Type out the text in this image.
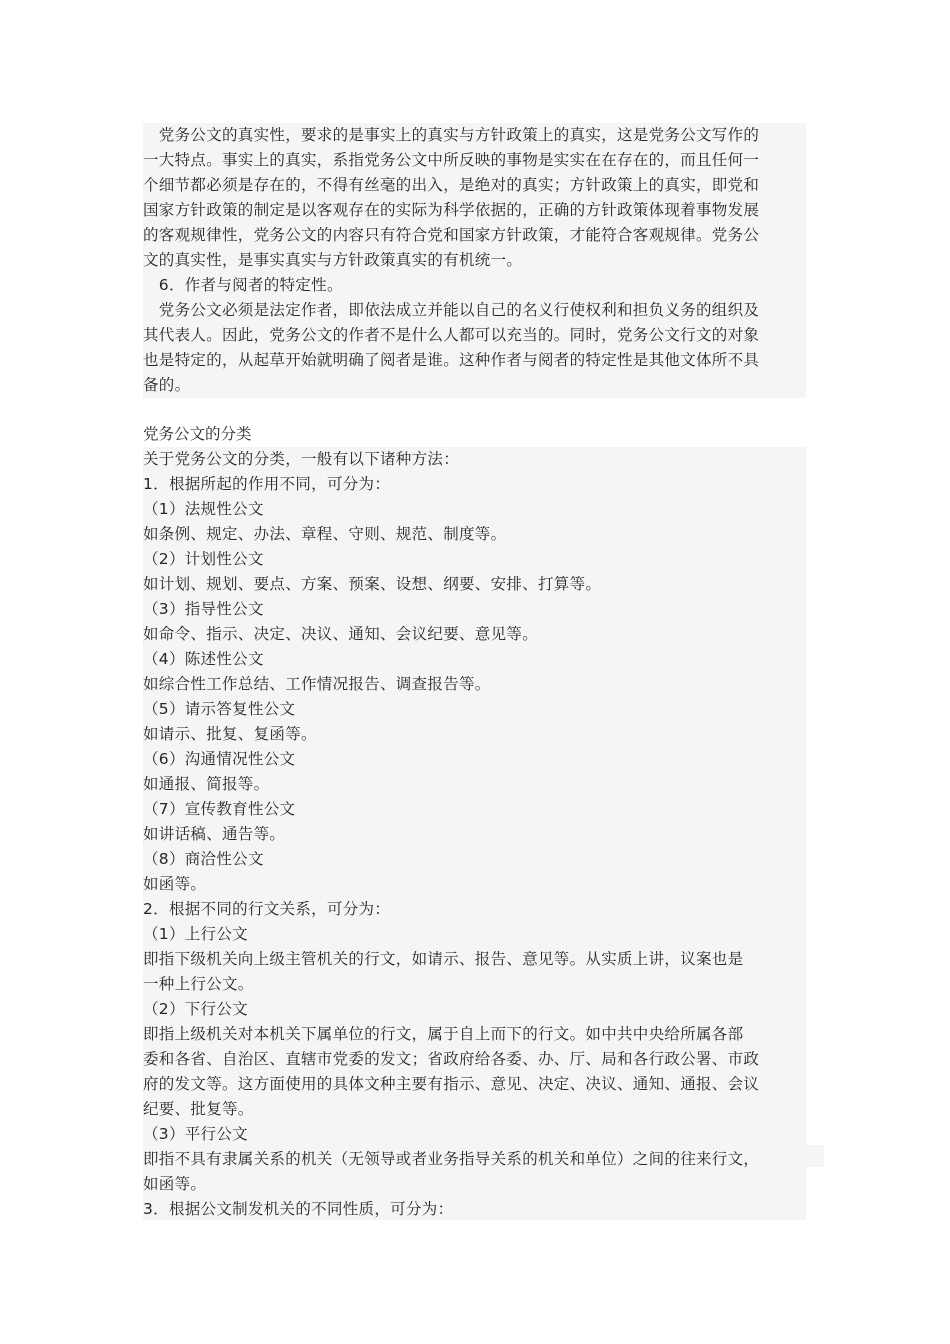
　党务公文的真实性，要求的是事实上的真实与方针政策上的真实，这是党务公文写作的
一大特点。事实上的真实，系指党务公文中所反映的事物是实实在在存在的，而且任何一
个细节都必须是存在的，不得有丝毫的出入，是绝对的真实；方针政策上的真实，即党和
国家方针政策的制定是以客观存在的实际为科学依据的，正确的方针政策体现着事物发展
的客观规律性，党务公文的内容只有符合党和国家方针政策，才能符合客观规律。党务公
文的真实性，是事实真实与方针政策真实的有机统一。
　6．作者与阅者的特定性。
　党务公文必须是法定作者，即依法成立并能以自己的名义行使权利和担负义务的组织及
其代表人。因此，党务公文的作者不是什么人都可以充当的。同时，党务公文行文的对象
也是特定的，从起草开始就明确了阅者是谁。这种作者与阅者的特定性是其他文体所不具
备的。
党务公文的分类
关于党务公文的分类，一般有以下诸种方法：
1．根据所起的作用不同，可分为：
（1）法规性公文
如条例、规定、办法、章程、守则、规范、制度等。
（2）计划性公文
如计划、规划、要点、方案、预案、设想、纲要、安排、打算等。
（3）指导性公文
如命令、指示、决定、决议、通知、会议纪要、意见等。
（4）陈述性公文
如综合性工作总结、工作情况报告、调查报告等。
（5）请示答复性公文
如请示、批复、复函等。
（6）沟通情况性公文
如通报、简报等。
（7）宣传教育性公文
如讲话稿、通告等。
（8）商洽性公文
如函等。
2．根据不同的行文关系，可分为：
（1）上行公文
即指下级机关向上级主管机关的行文，如请示、报告、意见等。从实质上讲，议案也是
一种上行公文。
（2）下行公文
即指上级机关对本机关下属单位的行文，属于自上而下的行文。如中共中央给所属各部
委和各省、自治区、直辖市党委的发文；省政府给各委、办、厅、局和各行政公署、市政
府的发文等。这方面使用的具体文种主要有指示、意见、决定、决议、通知、通报、会议
纪要、批复等。
（3）平行公文
即指不具有隶属关系的机关（无领导或者业务指导关系的机关和单位）之间的往来行文，
如函等。
3．根据公文制发机关的不同性质，可分为：
